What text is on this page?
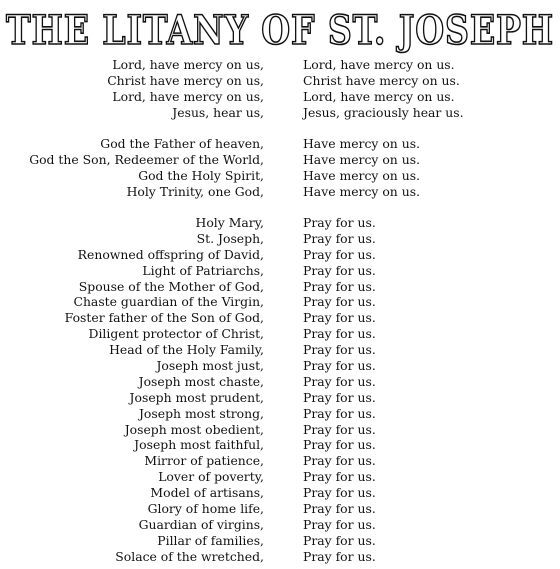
THE LITANY OF ST. JOSEPH
Lord, have mercy on us,	Lord, have mercy on us.
Christ have mercy on us,	Christ have mercy on us.
Lord, have mercy on us,	Lord, have mercy on us.
Jesus, hear us,	Jesus, graciously hear us.
God the Father of heaven,	Have mercy on us.
God the Son, Redeemer of the World,	Have mercy on us.
God the Holy Spirit,	Have mercy on us.
Holy Trinity, one God,	Have mercy on us.
Holy Mary,	Pray for us.
St. Joseph,	Pray for us.
Renowned offspring of David,	Pray for us.
Light of Patriarchs,	Pray for us.
Spouse of the Mother of God,	Pray for us.
Chaste guardian of the Virgin,	Pray for us.
Foster father of the Son of God,	Pray for us.
Diligent protector of Christ,	Pray for us.
Head of the Holy Family,	Pray for us.
Joseph most just,	Pray for us.
Joseph most chaste,	Pray for us.
Joseph most prudent,	Pray for us.
Joseph most strong,	Pray for us.
Joseph most obedient,	Pray for us.
Joseph most faithful,	Pray for us.
Mirror of patience,	Pray for us.
Lover of poverty,	Pray for us.
Model of artisans,	Pray for us.
Glory of home life,	Pray for us.
Guardian of virgins,	Pray for us.
Pillar of families,	Pray for us.
Solace of the wretched,	Pray for us.
